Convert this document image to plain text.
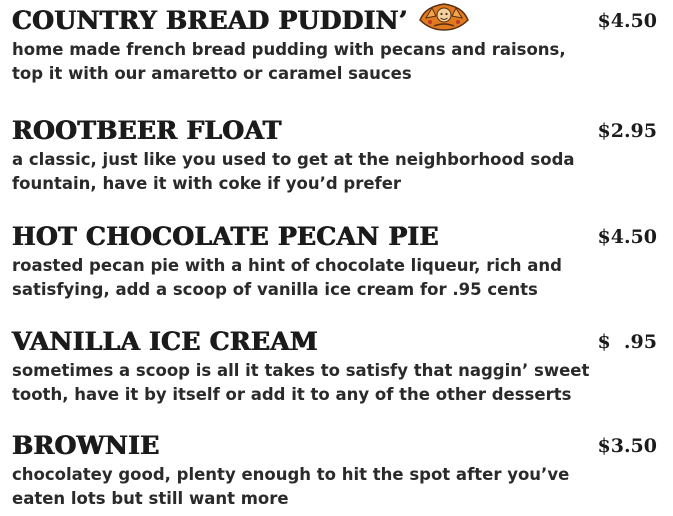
COUNTRY BREAD PUDDIN’	$4.50
home made french bread pudding with pecans and raisons,
top it with our amaretto or caramel sauces
ROOTBEER FLOAT	$2.95
a classic, just like you used to get at the neighborhood soda
fountain, have it with coke if you’d prefer
HOT CHOCOLATE PECAN PIE	$4.50
roasted pecan pie with a hint of chocolate liqueur, rich and
satisfying, add a scoop of vanilla ice cream for .95 cents
VANILLA ICE CREAM	$  .95
sometimes a scoop is all it takes to satisfy that naggin’ sweet
tooth, have it by itself or add it to any of the other desserts
BROWNIE	$3.50
chocolatey good, plenty enough to hit the spot after you’ve
eaten lots but still want more
